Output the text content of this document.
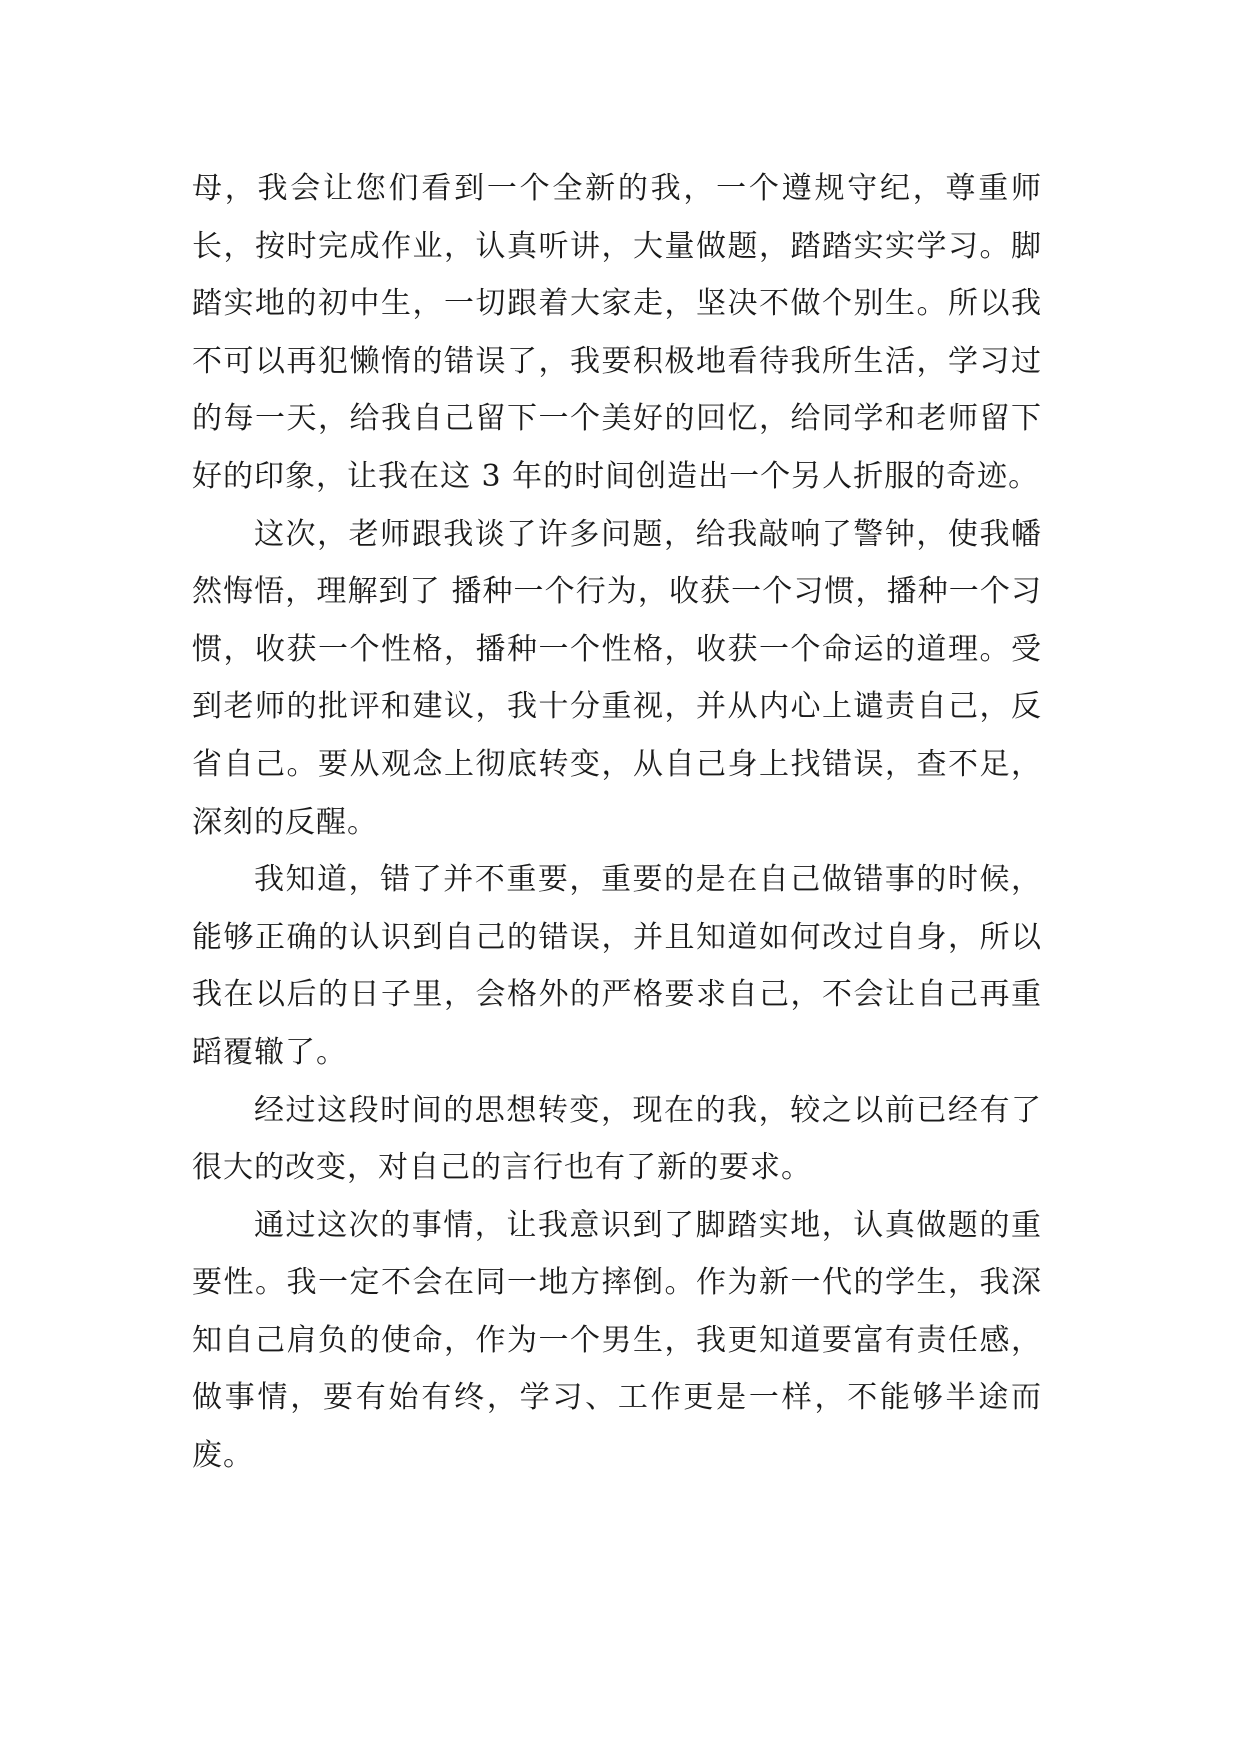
母，我会让您们看到一个全新的我，一个遵规守纪，尊重师长，按时完成作业，认真听讲，大量做题，踏踏实实学习。脚踏实地的初中生，一切跟着大家走，坚决不做个别生。所以我不可以再犯懒惰的错误了，我要积极地看待我所生活，学习过的每一天，给我自己留下一个美好的回忆，给同学和老师留下好的印象，让我在这 3 年的时间创造出一个另人折服的奇迹。

这次，老师跟我谈了许多问题，给我敲响了警钟，使我幡然悔悟，理解到了 播种一个行为，收获一个习惯，播种一个习惯，收获一个性格，播种一个性格，收获一个命运的道理。受到老师的批评和建议，我十分重视，并从内心上谴责自己，反省自己。要从观念上彻底转变，从自己身上找错误，查不足，深刻的反醒。

我知道，错了并不重要，重要的是在自己做错事的时候，能够正确的认识到自己的错误，并且知道如何改过自身，所以我在以后的日子里，会格外的严格要求自己，不会让自己再重蹈覆辙了。

经过这段时间的思想转变，现在的我，较之以前已经有了很大的改变，对自己的言行也有了新的要求。

通过这次的事情，让我意识到了脚踏实地，认真做题的重要性。我一定不会在同一地方摔倒。作为新一代的学生，我深知自己肩负的使命，作为一个男生，我更知道要富有责任感，做事情，要有始有终，学习、工作更是一样，不能够半途而废。
